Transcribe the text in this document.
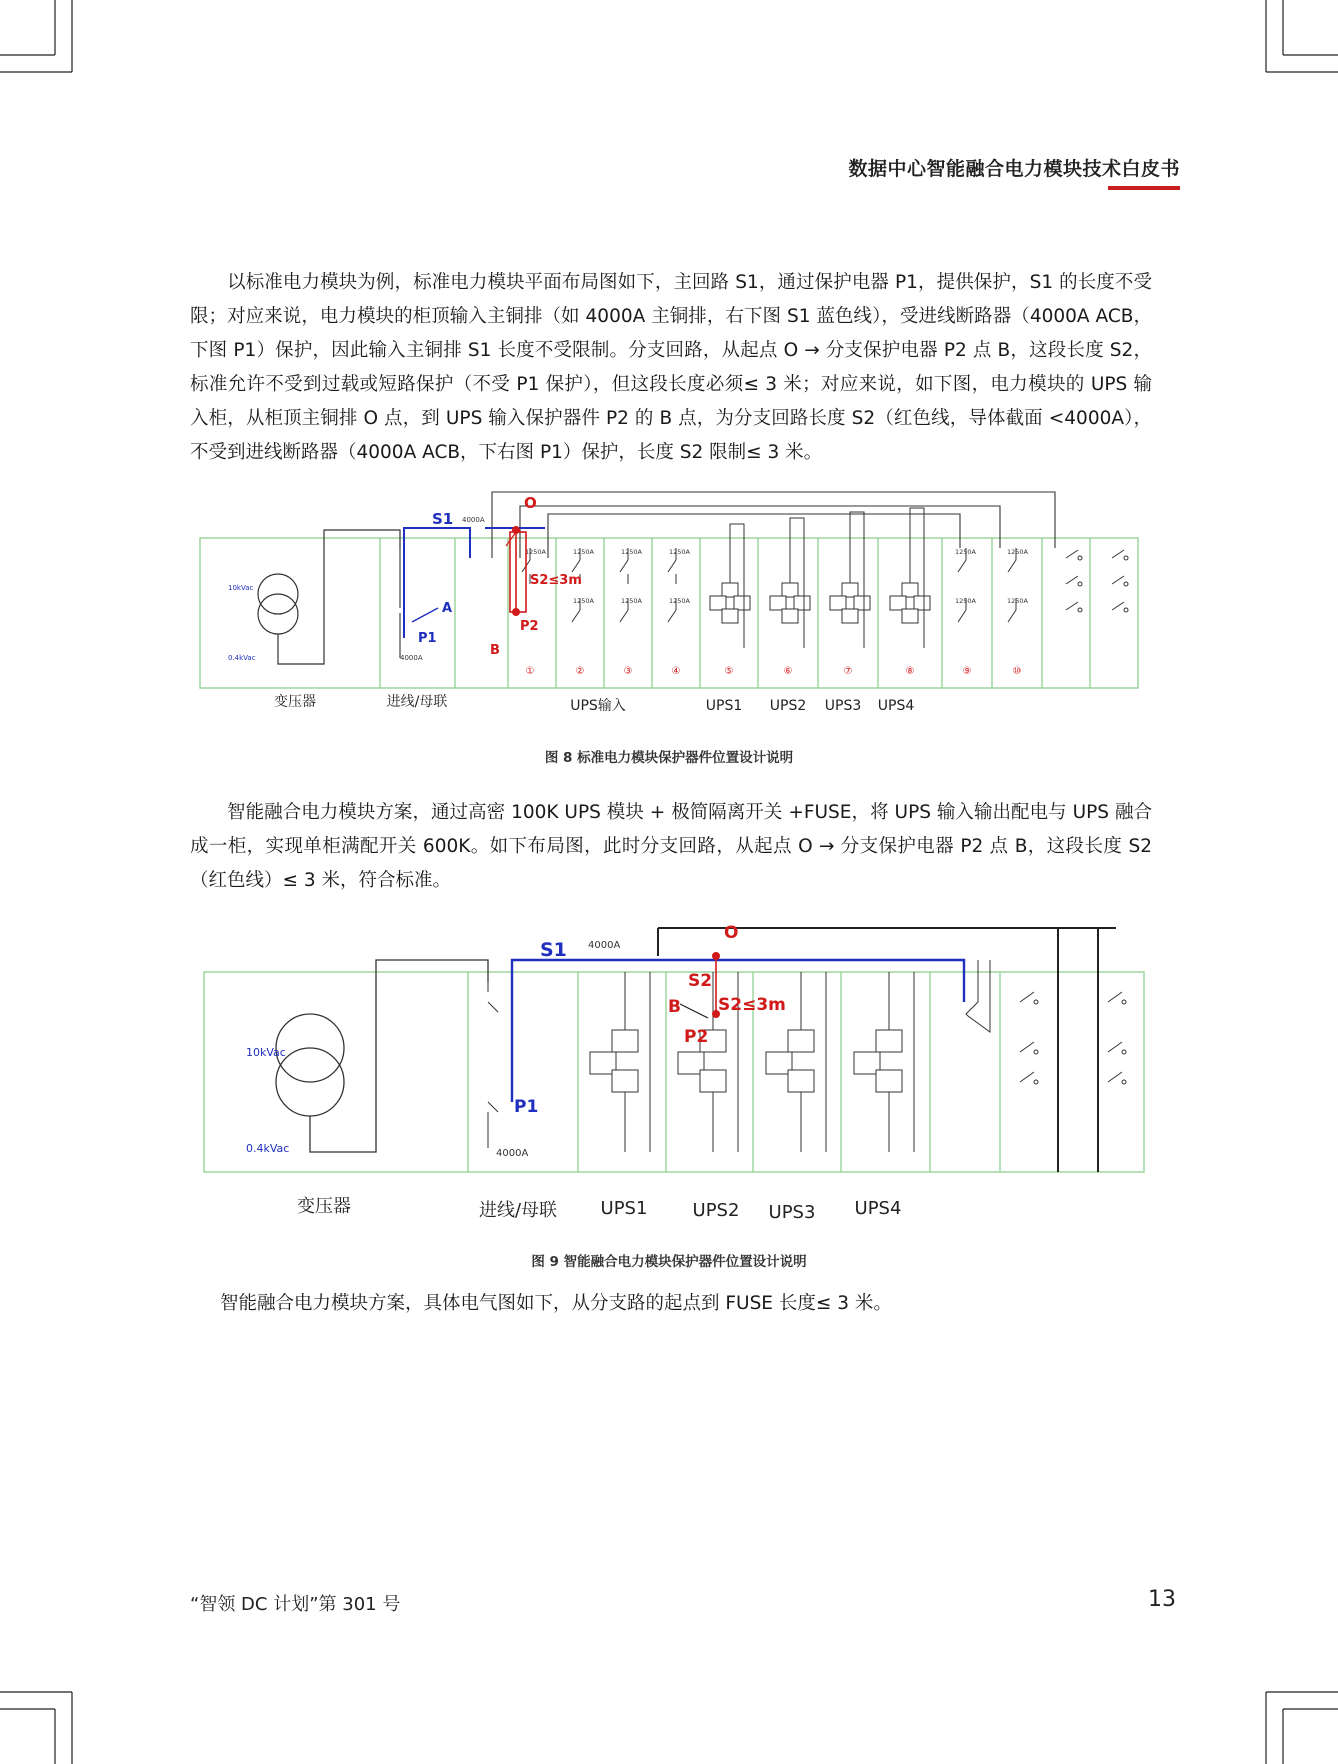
数据中心智能融合电力模块技术白皮书

以标准电力模块为例，标准电力模块平面布局图如下，主回路 S1，通过保护电器 P1，提供保护，S1 的长度不受限；对应来说，电力模块的柜顶输入主铜排（如 4000A 主铜排，右下图 S1 蓝色线），受进线断路器（4000A ACB，下图 P1）保护，因此输入主铜排 S1 长度不受限制。分支回路，从起点 O → 分支保护电器 P2 点 B，这段长度 S2，标准允许不受到过载或短路保护（不受 P1 保护），但这段长度必须≤ 3 米；对应来说，如下图，电力模块的 UPS 输入柜，从柜顶主铜排 O 点，到 UPS 输入保护器件 P2 的 B 点，为分支回路长度 S2（红色线，导体截面 <4000A），不受到进线断路器（4000A ACB，下右图 P1）保护，长度 S2 限制≤ 3 米。

10kVac
0.4kVac
S1 4000A
4000A
1250A	1250A	1250A	1250A
1250A	1250A	1250A
1250A	1250A
1250A	1250A
O
S2≤3m
P2
B
A
P1
①	②	③	④	⑤	⑥	⑦	⑧	⑨	⑩
变压器	进线/母联	UPS输入	UPS1 UPS2 UPS3 UPS4
图 8 标准电力模块保护器件位置设计说明

智能融合电力模块方案，通过高密 100K UPS 模块 + 极简隔离开关 +FUSE，将 UPS 输入输出配电与 UPS 融合成一柜，实现单柜满配开关 600K。如下布局图，此时分支回路，从起点 O → 分支保护电器 P2 点 B，这段长度 S2（红色线）≤ 3 米，符合标准。

10kVac
0.4kVac
S1 4000A
4000A
P1
O
S2
S2≤3m
B
P2
变压器	进线/母联 UPS1	UPS2 UPS3 UPS4
图 9 智能融合电力模块保护器件位置设计说明

智能融合电力模块方案，具体电气图如下，从分支路的起点到 FUSE 长度≤ 3 米。

“智领 DC 计划”第 301 号	13
